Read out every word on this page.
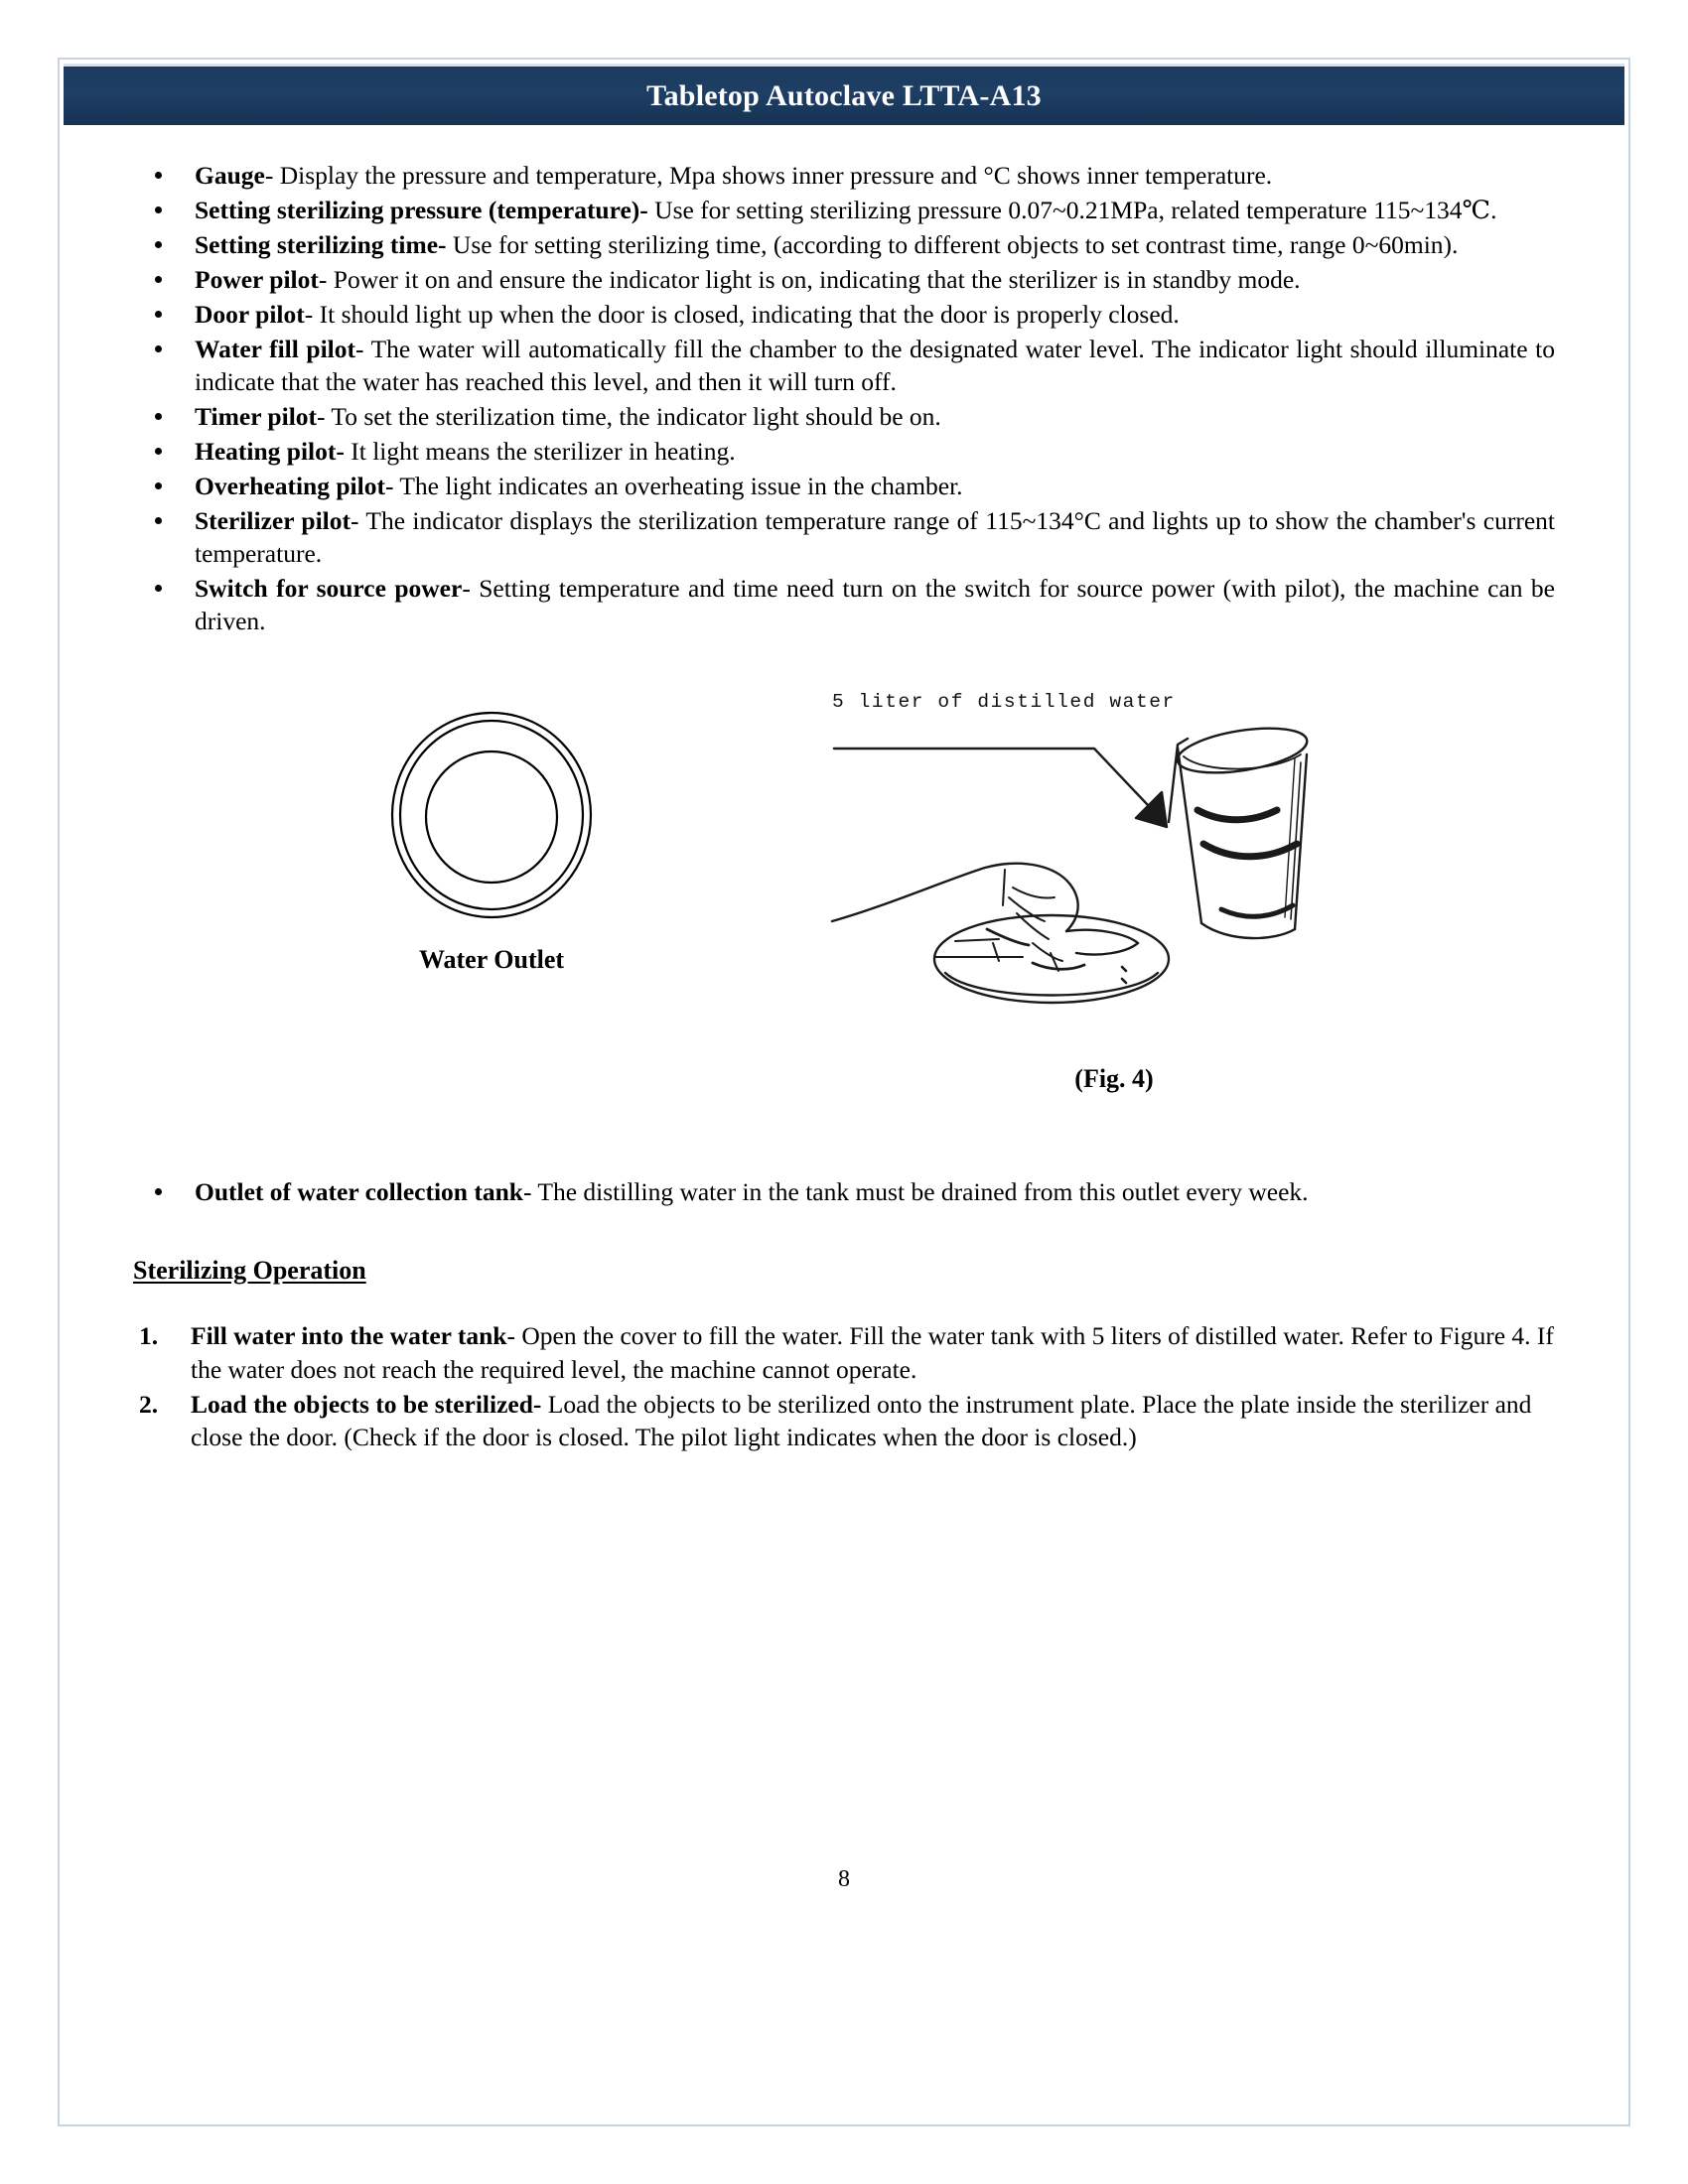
Tabletop Autoclave LTTA-A13
Gauge- Display the pressure and temperature, Mpa shows inner pressure and °C shows inner temperature.
Setting sterilizing pressure (temperature)- Use for setting sterilizing pressure 0.07~0.21MPa, related temperature 115~134℃.
Setting sterilizing time- Use for setting sterilizing time, (according to different objects to set contrast time, range 0~60min).
Power pilot- Power it on and ensure the indicator light is on, indicating that the sterilizer is in standby mode.
Door pilot- It should light up when the door is closed, indicating that the door is properly closed.
Water fill pilot- The water will automatically fill the chamber to the designated water level. The indicator light should illuminate to indicate that the water has reached this level, and then it will turn off.
Timer pilot- To set the sterilization time, the indicator light should be on.
Heating pilot- It light means the sterilizer in heating.
Overheating pilot- The light indicates an overheating issue in the chamber.
Sterilizer pilot- The indicator displays the sterilization temperature range of 115~134°C and lights up to show the chamber's current temperature.
Switch for source power- Setting temperature and time need turn on the switch for source power (with pilot), the machine can be driven.
Water Outlet
5 liter of distilled water
(Fig. 4)
Outlet of water collection tank- The distilling water in the tank must be drained from this outlet every week.
Sterilizing Operation
1. Fill water into the water tank- Open the cover to fill the water. Fill the water tank with 5 liters of distilled water. Refer to Figure 4. If the water does not reach the required level, the machine cannot operate.
2. Load the objects to be sterilized- Load the objects to be sterilized onto the instrument plate. Place the plate inside the sterilizer and close the door. (Check if the door is closed. The pilot light indicates when the door is closed.)
8
